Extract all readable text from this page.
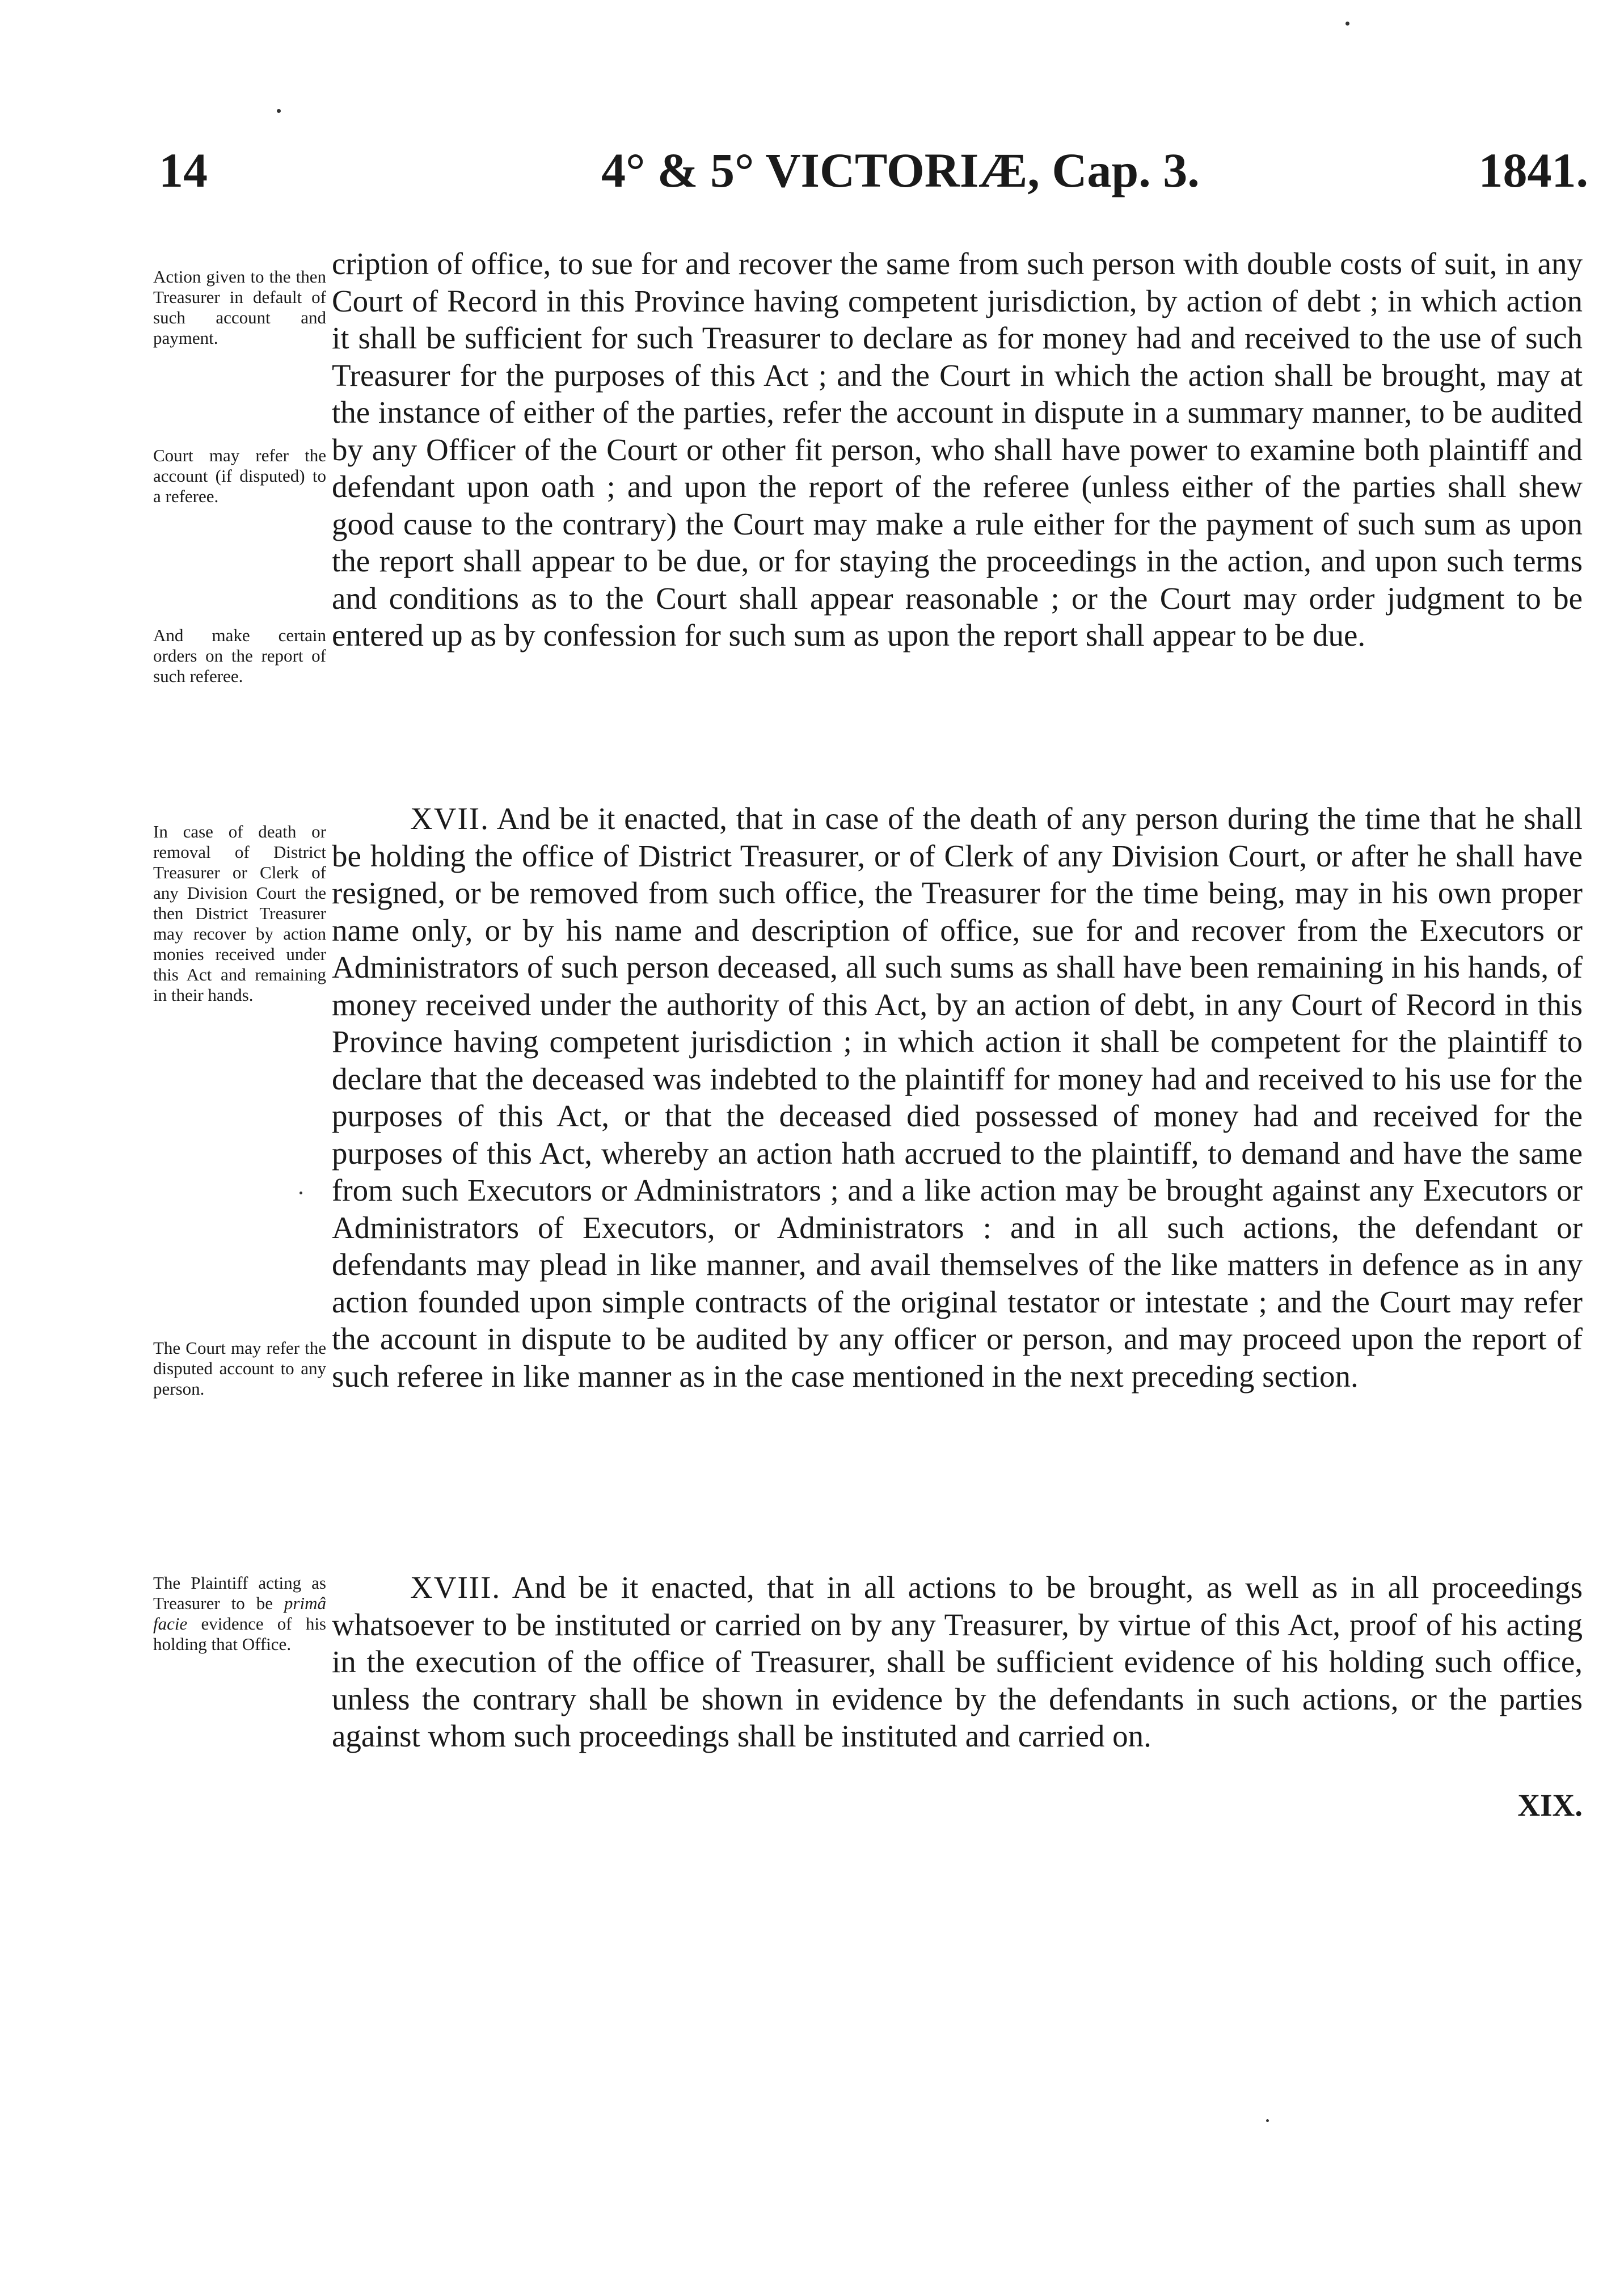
14	4° & 5° VICTORIÆ, Cap. 3.	1841.
Action given to the then Treasurer in default of such account and payment.
Court may refer the account (if disputed) to a referee.
And make certain orders on the report of such referee.
In case of death or removal of District Treasurer or Clerk of any Division Court the then District Treasurer may recover by action monies received under this Act and remaining in their hands.
The Court may refer the disputed account to any person.
The Plaintiff acting as Treasurer to be primâ facie evidence of his holding that Office.
cription of office, to sue for and recover the same from such person with double costs of suit, in any Court of Record in this Province having competent jurisdiction, by action of debt ; in which action it shall be sufficient for such Treasurer to declare as for money had and received to the use of such Treasurer for the purposes of this Act ; and the Court in which the action shall be brought, may at the instance of either of the parties, refer the account in dispute in a summary manner, to be audited by any Officer of the Court or other fit person, who shall have power to examine both plaintiff and defendant upon oath ; and upon the report of the referee (unless either of the parties shall shew good cause to the contrary) the Court may make a rule either for the payment of such sum as upon the report shall appear to be due, or for staying the proceedings in the action, and upon such terms and conditions as to the Court shall appear reasonable ; or the Court may order judgment to be entered up as by confession for such sum as upon the report shall appear to be due.
XVII. And be it enacted, that in case of the death of any person during the time that he shall be holding the office of District Treasurer, or of Clerk of any Division Court, or after he shall have resigned, or be removed from such office, the Treasurer for the time being, may in his own proper name only, or by his name and description of office, sue for and recover from the Executors or Administrators of such person deceased, all such sums as shall have been remaining in his hands, of money received under the authority of this Act, by an action of debt, in any Court of Record in this Province having competent jurisdiction ; in which action it shall be competent for the plaintiff to declare that the deceased was indebted to the plaintiff for money had and received to his use for the purposes of this Act, or that the deceased died possessed of money had and received for the purposes of this Act, whereby an action hath accrued to the plaintiff, to demand and have the same from such Executors or Administrators ; and a like action may be brought against any Executors or Administrators of Executors, or Administrators : and in all such actions, the defendant or defendants may plead in like manner, and avail themselves of the like matters in defence as in any action founded upon simple contracts of the original testator or intestate ; and the Court may refer the account in dispute to be audited by any officer or person, and may proceed upon the report of such referee in like manner as in the case mentioned in the next preceding section.
XVIII. And be it enacted, that in all actions to be brought, as well as in all proceedings whatsoever to be instituted or carried on by any Treasurer, by virtue of this Act, proof of his acting in the execution of the office of Treasurer, shall be sufficient evidence of his holding such office, unless the contrary shall be shown in evidence by the defendants in such actions, or the parties against whom such proceedings shall be instituted and carried on.
XIX.
